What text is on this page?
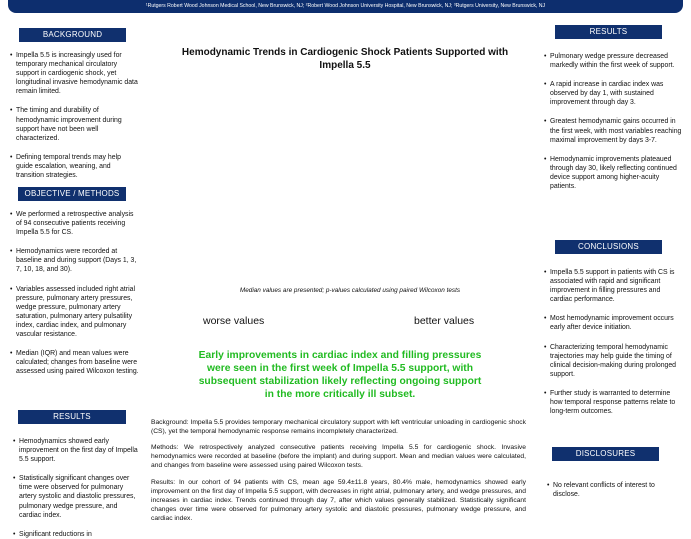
¹Rutgers Robert Wood Johnson Medical School, New Brunswick, NJ; ²Robert Wood Johnson University Hospital, New Brunswick, NJ; ³Rutgers University, New Brunswick, NJ
BACKGROUND
• Impella 5.5 is increasingly used for temporary mechanical circulatory support in cardiogenic shock, yet longitudinal invasive hemodynamic data remain limited.
• The timing and durability of hemodynamic improvement during support have not been well characterized.
• Defining temporal trends may help guide escalation, weaning, and transition strategies.
OBJECTIVE / METHODS
• We performed a retrospective analysis of 94 consecutive patients receiving Impella 5.5 for CS.
• Hemodynamics were recorded at baseline and during support (Days 1, 3, 7, 10, 18, and 30).
• Variables assessed included right atrial pressure, pulmonary artery pressures, wedge pressure, pulmonary artery saturation, pulmonary artery pulsatility index, cardiac index, and pulmonary vascular resistance.
• Median (IQR) and mean values were calculated; changes from baseline were assessed using paired Wilcoxon testing.
RESULTS
• Hemodynamics showed early improvement on the first day of Impella 5.5 support.
• Statistically significant changes over time were observed for pulmonary artery systolic and diastolic pressures, pulmonary wedge pressure, and cardiac index.
• Significant reductions in
Hemodynamic Trends in Cardiogenic Shock Patients Supported with Impella 5.5
Median values are presented; p-values calculated using paired Wilcoxon tests
worse values	better values
Early improvements in cardiac index and filling pressures were seen in the first week of Impella 5.5 support, with subsequent stabilization likely reflecting ongoing support in the more critically ill subset.
Background: Impella 5.5 provides temporary mechanical circulatory support with left ventricular unloading in cardiogenic shock (CS), yet the temporal hemodynamic response remains incompletely characterized.
Methods: We retrospectively analyzed consecutive patients receiving Impella 5.5 for cardiogenic shock. Invasive hemodynamics were recorded at baseline (before the implant) and during support. Mean and median values were calculated, and changes from baseline were assessed using paired Wilcoxon tests.
Results: In our cohort of 94 patients with CS, mean age 59.4±11.8 years, 80.4% male, hemodynamics showed early improvement on the first day of Impella 5.5 support, with decreases in right atrial, pulmonary artery, and wedge pressures, and increases in cardiac index. Trends continued through day 7, after which values generally stabilized. Statistically significant changes over time were observed for pulmonary artery systolic and diastolic pressures, pulmonary wedge pressure, and cardiac index.
RESULTS
• Pulmonary wedge pressure decreased markedly within the first week of support.
• A rapid increase in cardiac index was observed by day 1, with sustained improvement through day 3.
• Greatest hemodynamic gains occurred in the first week, with most variables reaching maximal improvement by days 3-7.
• Hemodynamic improvements plateaued through day 30, likely reflecting continued device support among higher-acuity patients.
CONCLUSIONS
• Impella 5.5 support in patients with CS is associated with rapid and significant improvement in filling pressures and cardiac performance.
• Most hemodynamic improvement occurs early after device initiation.
• Characterizing temporal hemodynamic trajectories may help guide the timing of clinical decision-making during prolonged support.
• Further study is warranted to determine how temporal response patterns relate to long-term outcomes.
DISCLOSURES
• No relevant conflicts of interest to disclose.
